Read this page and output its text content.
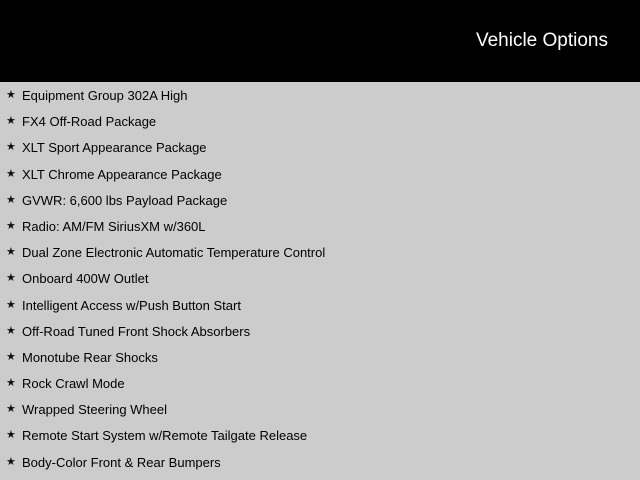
Vehicle Options
★ Equipment Group 302A High
★ FX4 Off-Road Package
★ XLT Sport Appearance Package
★ XLT Chrome Appearance Package
★ GVWR: 6,600 lbs Payload Package
★ Radio: AM/FM SiriusXM w/360L
★ Dual Zone Electronic Automatic Temperature Control
★ Onboard 400W Outlet
★ Intelligent Access w/Push Button Start
★ Off-Road Tuned Front Shock Absorbers
★ Monotube Rear Shocks
★ Rock Crawl Mode
★ Wrapped Steering Wheel
★ Remote Start System w/Remote Tailgate Release
★ Body-Color Front & Rear Bumpers
